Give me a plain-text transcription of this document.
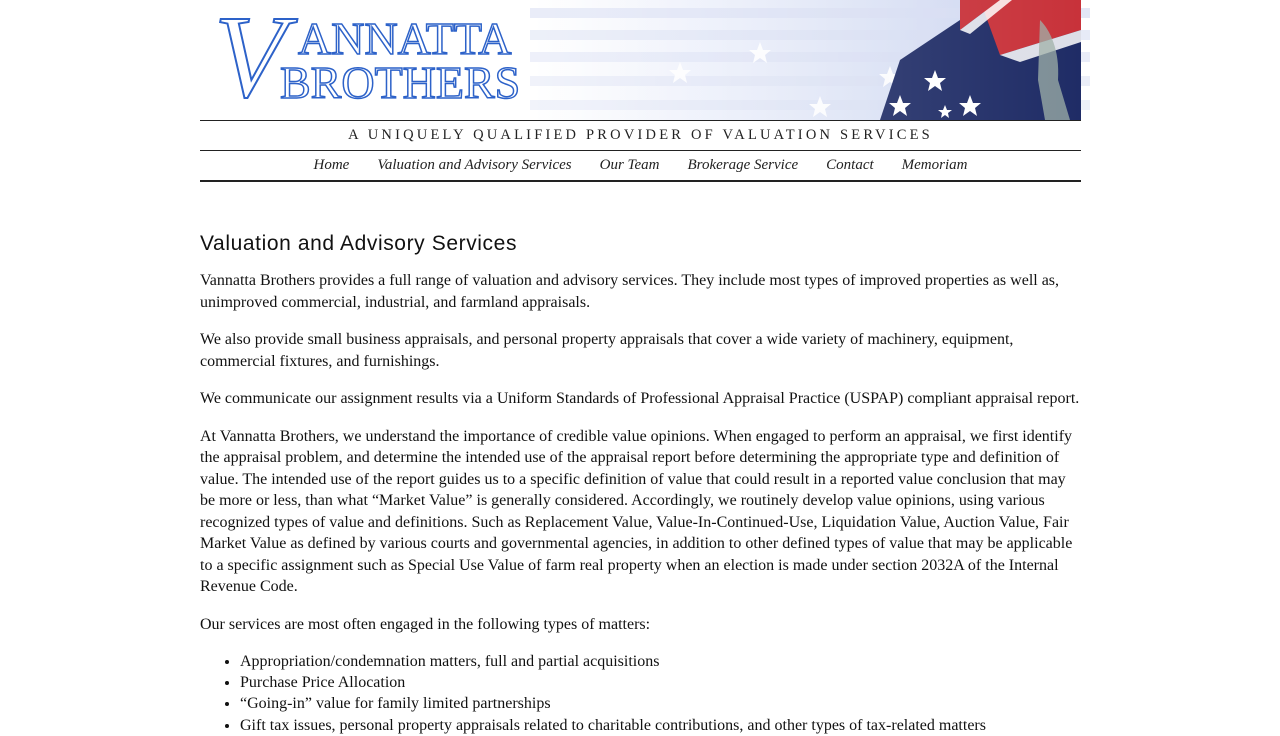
V ANNATTA
BROTHERS
A UNIQUELY QUALIFIED PROVIDER OF VALUATION SERVICES
Home Valuation and Advisory Services Our Team Brokerage Service Contact Memoriam
Valuation and Advisory Services

Vannatta Brothers provides a full range of valuation and advisory services. They include most types of improved properties as well as, unimproved commercial, industrial, and farmland appraisals.

We also provide small business appraisals, and personal property appraisals that cover a wide variety of machinery, equipment, commercial fixtures, and furnishings.

We communicate our assignment results via a Uniform Standards of Professional Appraisal Practice (USPAP) compliant appraisal report.

At Vannatta Brothers, we understand the importance of credible value opinions. When engaged to perform an appraisal, we first identify the appraisal problem, and determine the intended use of the appraisal report before determining the appropriate type and definition of value. The intended use of the report guides us to a specific definition of value that could result in a reported value conclusion that may be more or less, than what “Market Value” is generally considered. Accordingly, we routinely develop value opinions, using various recognized types of value and definitions. Such as Replacement Value, Value-In-Continued-Use, Liquidation Value, Auction Value, Fair Market Value as defined by various courts and governmental agencies, in addition to other defined types of value that may be applicable to a specific assignment such as Special Use Value of farm real property when an election is made under section 2032A of the Internal Revenue Code.

Our services are most often engaged in the following types of matters:

• Appropriation/condemnation matters, full and partial acquisitions
• Purchase Price Allocation
• “Going-in” value for family limited partnerships
• Gift tax issues, personal property appraisals related to charitable contributions, and other types of tax-related matters
